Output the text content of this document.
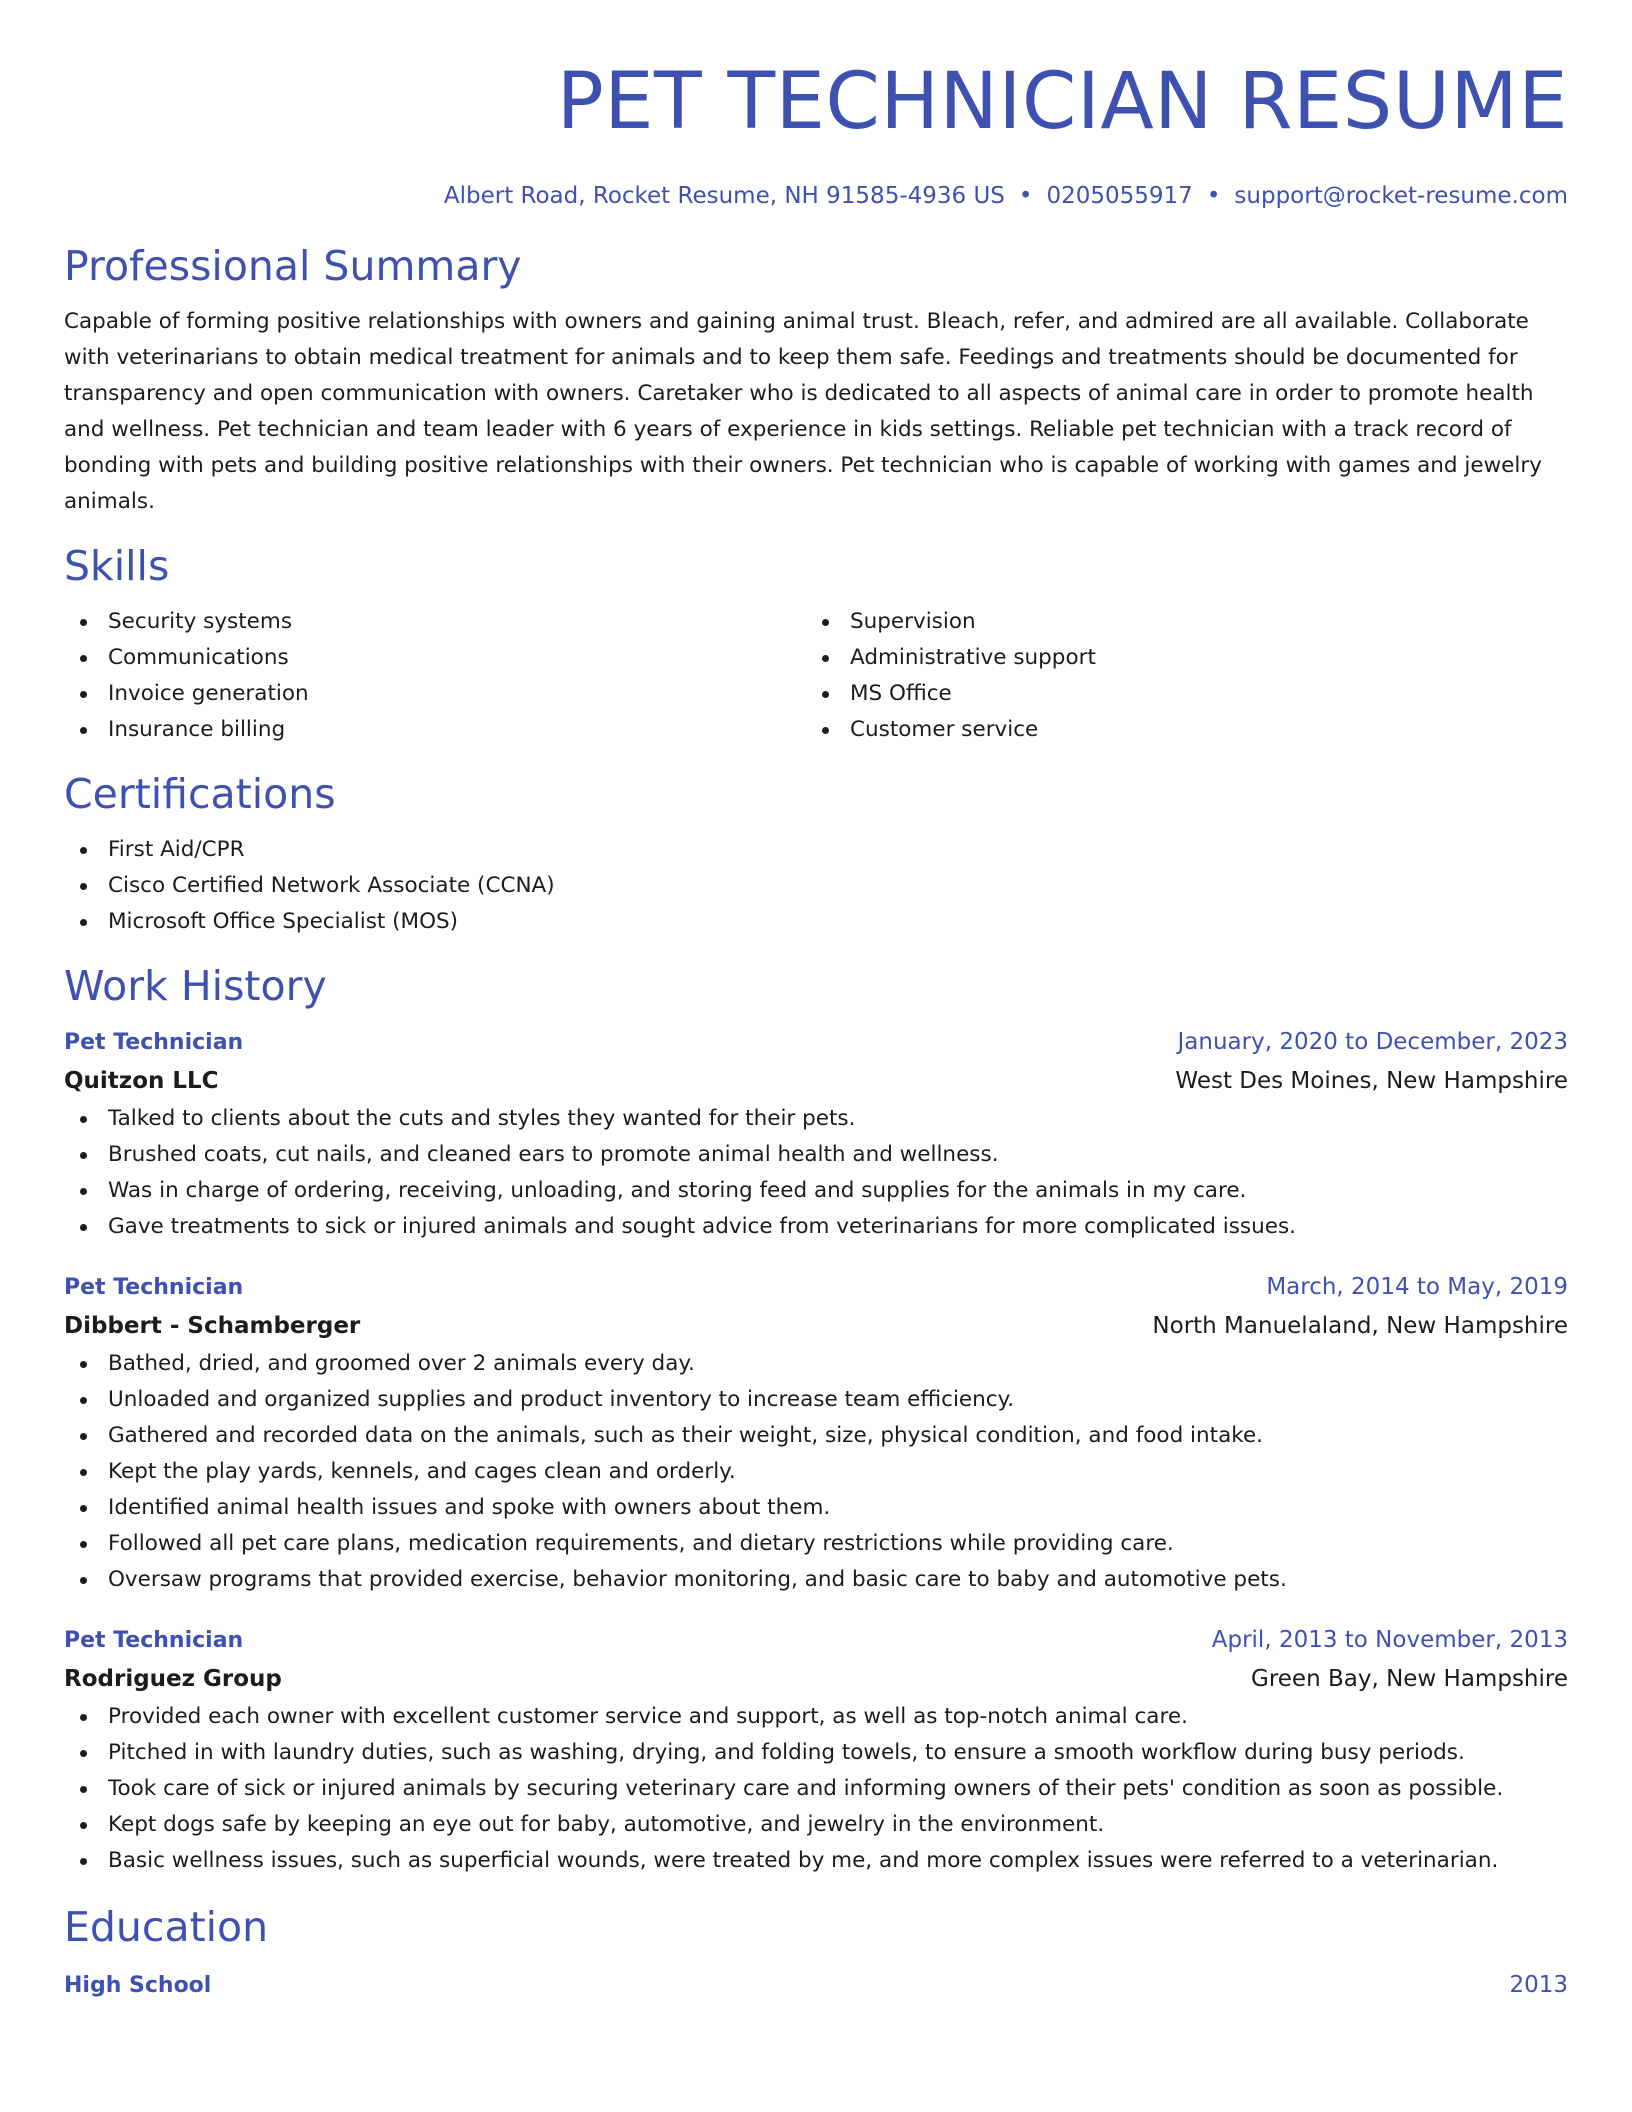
PET TECHNICIAN RESUME
Albert Road, Rocket Resume, NH 91585-4936 US • 0205055917 • support@rocket-resume.com
Professional Summary

Capable of forming positive relationships with owners and gaining animal trust. Bleach, refer, and admired are all available. Collaborate with veterinarians to obtain medical treatment for animals and to keep them safe. Feedings and treatments should be documented for transparency and open communication with owners. Caretaker who is dedicated to all aspects of animal care in order to promote health and wellness. Pet technician and team leader with 6 years of experience in kids settings. Reliable pet technician with a track record of bonding with pets and building positive relationships with their owners. Pet technician who is capable of working with games and jewelry animals.

Skills
Security systems
Communications
Invoice generation
Insurance billing
Supervision
Administrative support
MS Office
Customer service
Certifications
First Aid/CPR
Cisco Certified Network Associate (CCNA)
Microsoft Office Specialist (MOS)
Work History
Pet Technician	January, 2020 to December, 2023
Quitzon LLC	West Des Moines, New Hampshire
Talked to clients about the cuts and styles they wanted for their pets.
Brushed coats, cut nails, and cleaned ears to promote animal health and wellness.
Was in charge of ordering, receiving, unloading, and storing feed and supplies for the animals in my care.
Gave treatments to sick or injured animals and sought advice from veterinarians for more complicated issues.
Pet Technician	March, 2014 to May, 2019
Dibbert - Schamberger	North Manuelaland, New Hampshire
Bathed, dried, and groomed over 2 animals every day.
Unloaded and organized supplies and product inventory to increase team efficiency.
Gathered and recorded data on the animals, such as their weight, size, physical condition, and food intake.
Kept the play yards, kennels, and cages clean and orderly.
Identified animal health issues and spoke with owners about them.
Followed all pet care plans, medication requirements, and dietary restrictions while providing care.
Oversaw programs that provided exercise, behavior monitoring, and basic care to baby and automotive pets.
Pet Technician	April, 2013 to November, 2013
Rodriguez Group	Green Bay, New Hampshire
Provided each owner with excellent customer service and support, as well as top-notch animal care.
Pitched in with laundry duties, such as washing, drying, and folding towels, to ensure a smooth workflow during busy periods.
Took care of sick or injured animals by securing veterinary care and informing owners of their pets' condition as soon as possible.
Kept dogs safe by keeping an eye out for baby, automotive, and jewelry in the environment.
Basic wellness issues, such as superficial wounds, were treated by me, and more complex issues were referred to a veterinarian.
Education
High School	2013
